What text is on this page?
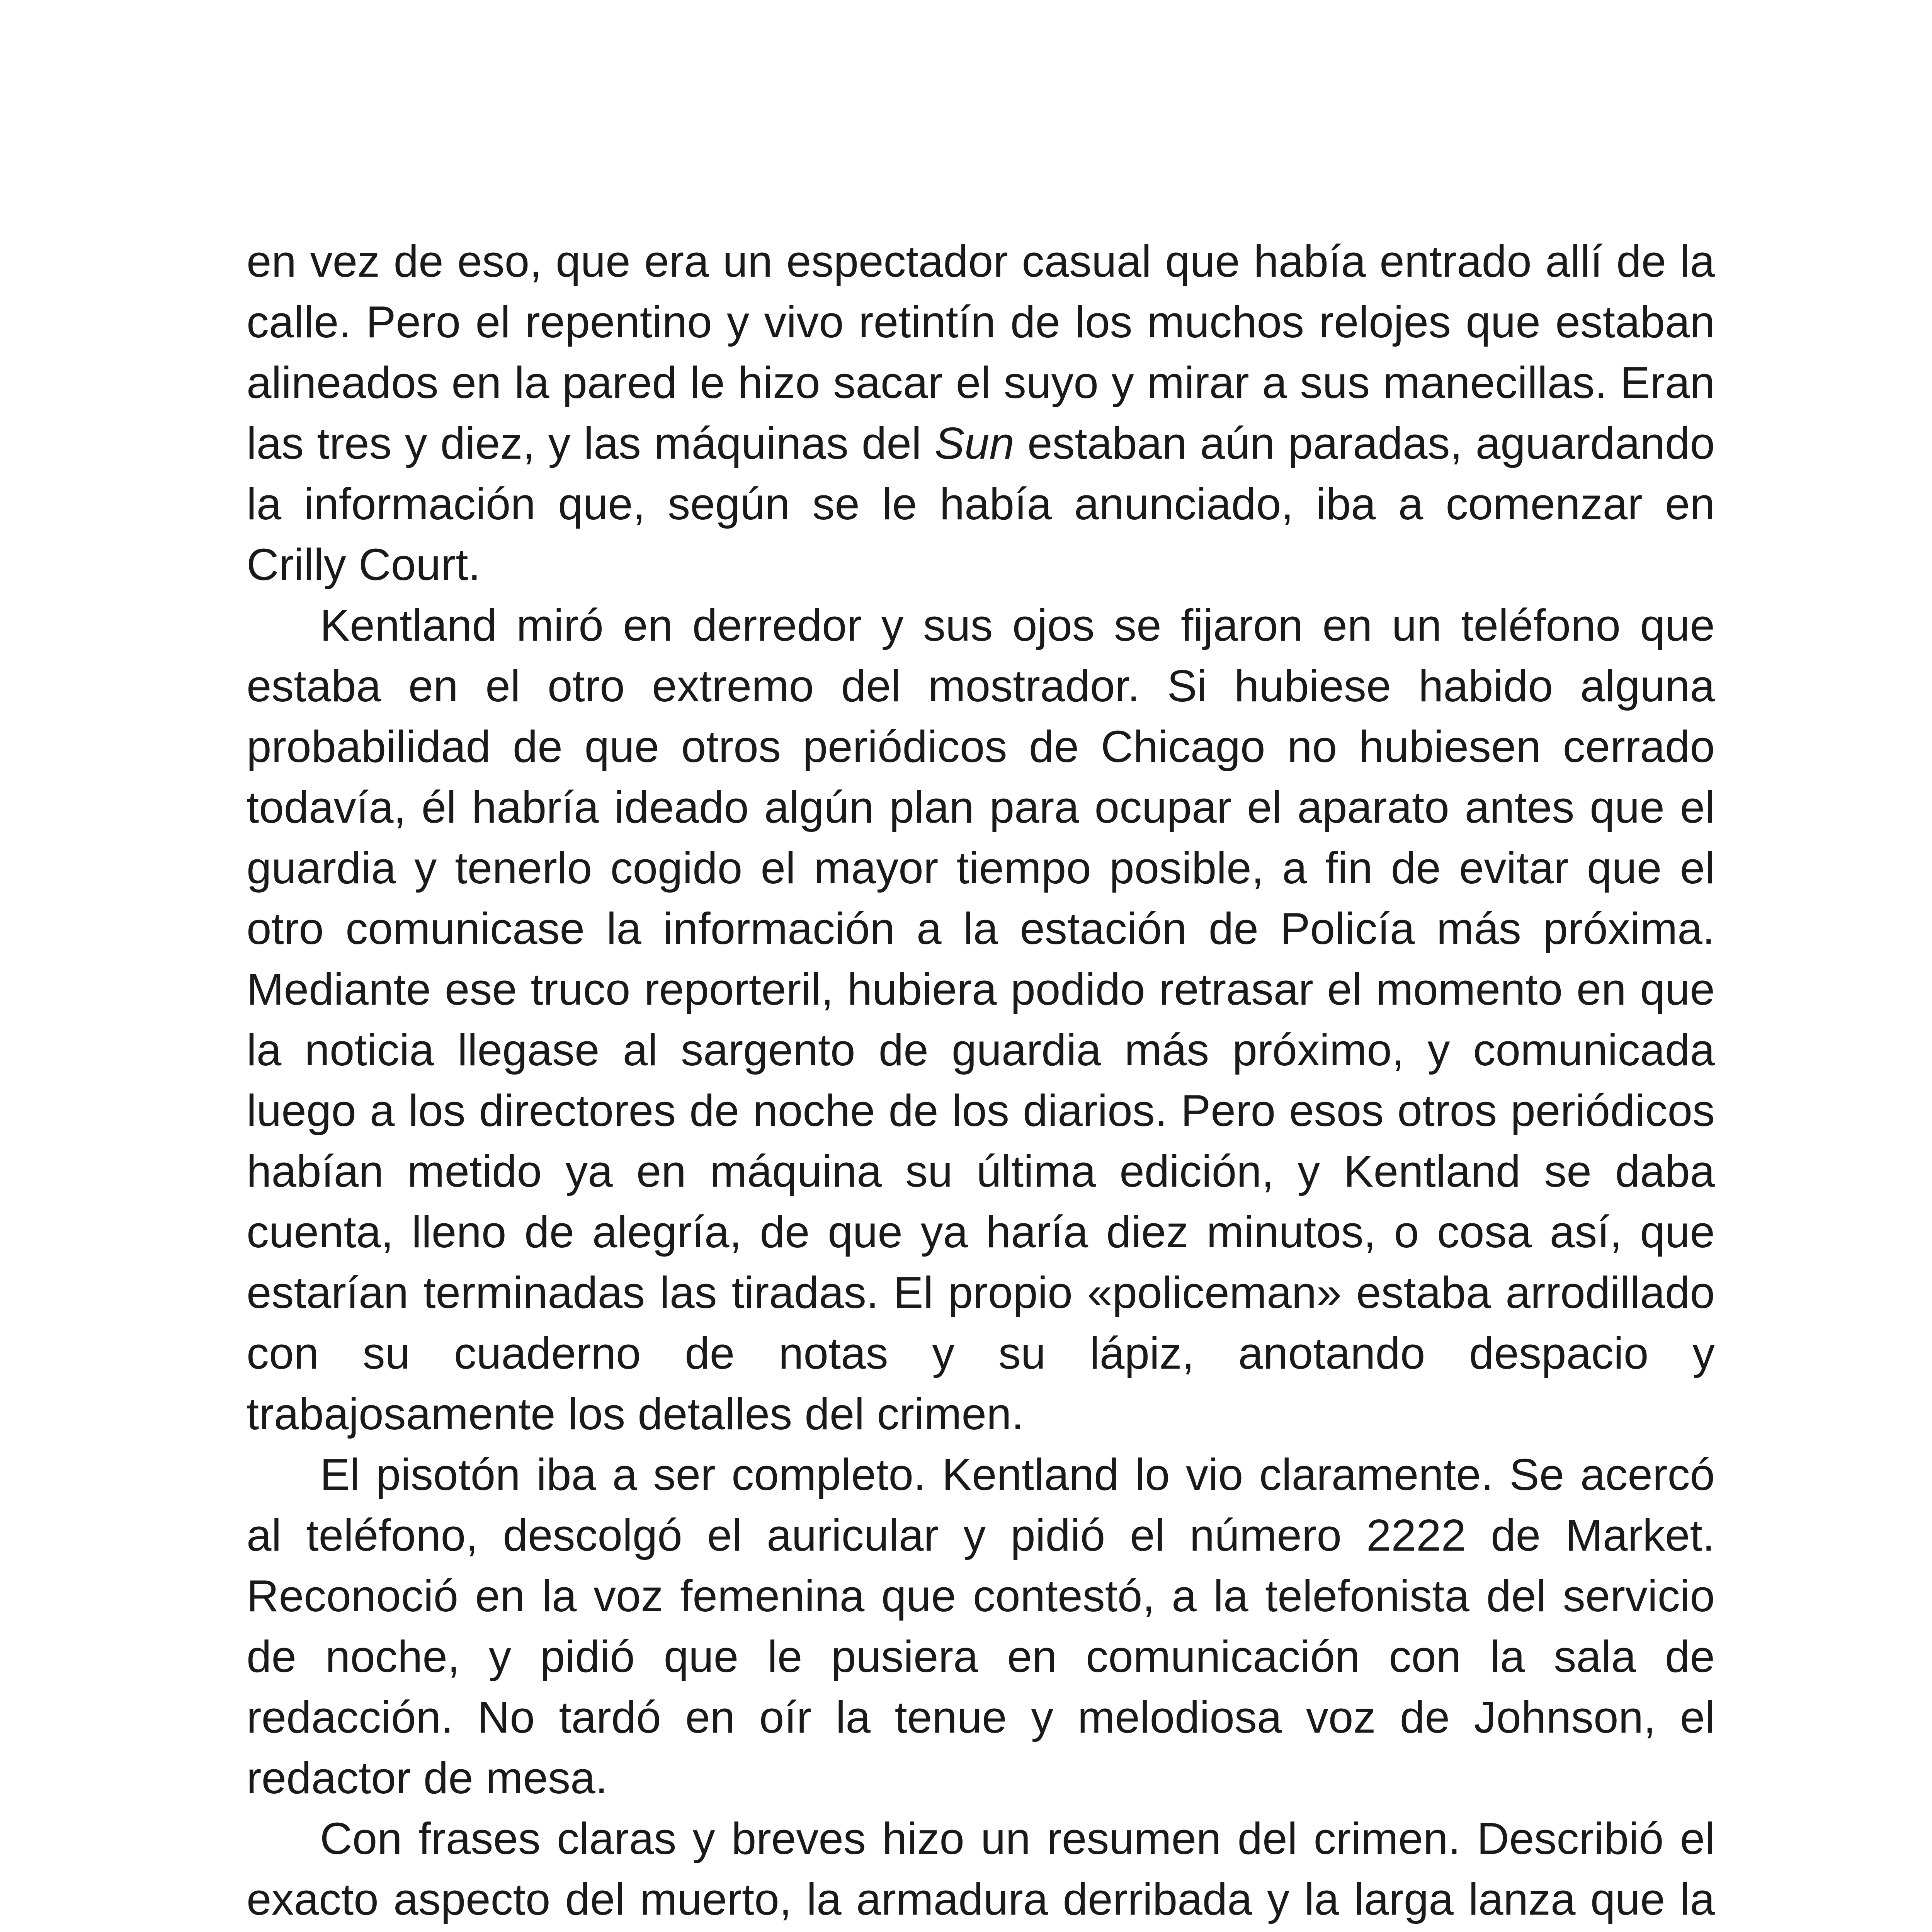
en vez de eso, que era un espectador casual que había entrado allí de la calle. Pero el repentino y vivo retintín de los muchos relojes que estaban alineados en la pared le hizo sacar el suyo y mirar a sus manecillas. Eran las tres y diez, y las máquinas del Sun estaban aún paradas, aguardando la información que, según se le había anunciado, iba a comenzar en Crilly Court.

Kentland miró en derredor y sus ojos se fijaron en un teléfono que estaba en el otro extremo del mostrador. Si hubiese habido alguna probabilidad de que otros periódicos de Chicago no hubiesen cerrado todavía, él habría ideado algún plan para ocupar el aparato antes que el guardia y tenerlo cogido el mayor tiempo posible, a fin de evitar que el otro comunicase la información a la estación de Policía más próxima. Mediante ese truco reporteril, hubiera podido retrasar el momento en que la noticia llegase al sargento de guardia más próximo, y comunicada luego a los directores de noche de los diarios. Pero esos otros periódicos habían metido ya en máquina su última edición, y Kentland se daba cuenta, lleno de alegría, de que ya haría diez minutos, o cosa así, que estarían terminadas las tiradas. El propio «policeman» estaba arrodillado con su cuaderno de notas y su lápiz, anotando despacio y trabajosamente los detalles del crimen.

El pisotón iba a ser completo. Kentland lo vio claramente. Se acercó al teléfono, descolgó el auricular y pidió el número 2222 de Market. Reconoció en la voz femenina que contestó, a la telefonista del servicio de noche, y pidió que le pusiera en comunicación con la sala de redacción. No tardó en oír la tenue y melodiosa voz de Johnson, el redactor de mesa.

Con frases claras y breves hizo un resumen del crimen. Describió el exacto aspecto del muerto, la armadura derribada y la larga lanza que la
